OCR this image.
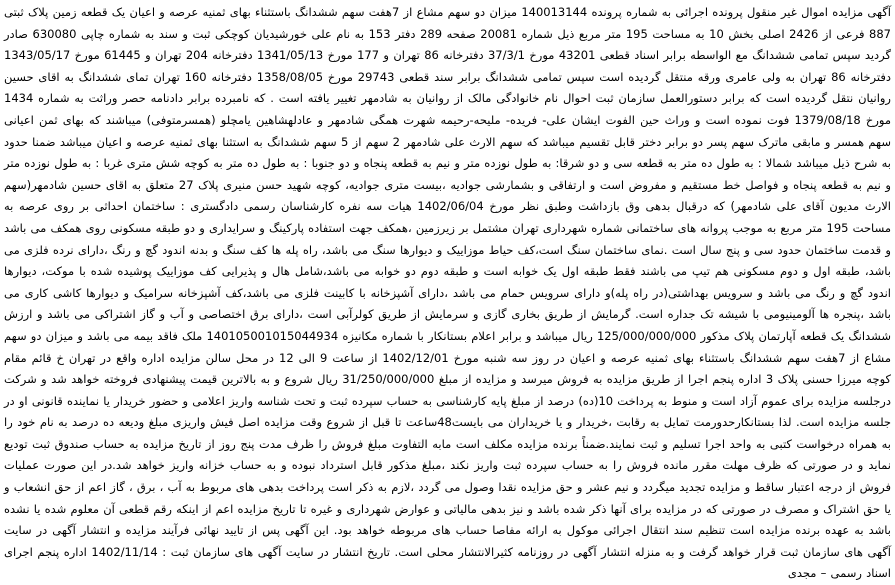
آگهی مزایده اموال غیر منقول پرونده اجرائی به شماره پرونده 140013144 میزان دو سهم مشاع از 7هفت سهم ششدانگ باستثناء بهای ثمنیه عرصه و اعیان یک قطعه زمین پلاک ثبتی 887 فرعی از 2426 اصلی بخش 10 به مساحت 195 متر مربع ذیل شماره 20081 صفحه 289 دفتر 153 به نام علی خورشیدیان کوچکی ثبت و سند به شماره چاپی 630080 صادر گردید سپس تمامی ششدانگ مع الواسطه برابر اسناد قطعی 43201 مورخ 37/3/1 دفترخانه 86 تهران و 177 مورخ 1341/05/13 دفترخانه 204 تهران و 61445 مورخ 1343/05/17 دفترخانه 86 تهران به ولی عامری ورقه منتقل گردیده است سپس تمامی ششدانگ برابر سند قطعی 29743 مورخ 1358/08/05 دفترخانه 160 تهران تمای ششدانگ به اقای حسین روانیان نتقل گردیده است که برابر دستورالعمل سازمان ثبت احوال نام خانوادگی مالک از روانیان به شادمهر تغییر یافته است . که نامبرده برابر دادنامه حصر وراثت به شماره 1434 مورخ 1379/08/18 فوت نموده است و وراث حین الفوت ایشان علی- فریده- ملیحه-رحیمه شهرت همگی شادمهر و عادلهشاهین یامچلو (همسرمتوفی) میباشند که بهای ثمن اعیانی سهم همسر و مابقی ماترک سهم پسر دو برابر دختر قابل تقسیم میباشد که سهم الارث علی شادمهر 2 سهم از 5 سهم ششدانگ به استثنا بهای ثمنیه عرصه و اعیان میباشد ضمنا حدود به شرح ذیل میباشد شمالا : به طول ده متر به قطعه سی و دو شرقا: به طول نوزده متر و نیم به قطعه پنجاه و دو جنوبا : به طول ده متر به کوچه شش متری غربا : به طول نوزده متر و نیم به قطعه پنجاه و فواصل خط مستقیم و مفروض است و ارتفاقی و بشمارشی جوادیه ،بیست متری جوادیه، کوچه شهید حسن منیری پلاک 27 متعلق به اقای حسین شادمهر(سهم الارث مدیون آقای علی شادمهر) که درقبال بدهی وق بازداشت وطبق نظر مورخ 1402/06/04 هیات سه نفره کارشناسان رسمی دادگستری : ساختمان احداثی بر روی عرصه به مساحت 195 متر مربع به موجب پروانه های ساختمانی شماره شهرداری تهران مشتمل بر زیرزمین ،همکف جهت استفاده پارکینگ و سرایداری و دو طبقه مسکونی روی همکف می باشد و قدمت ساختمان حدود سی و پنج سال است .نمای ساختمان سنگ است،کف حیاط موزاییک و دیوارها سنگ می باشد، راه پله ها کف سنگ و بدنه اندود گچ و رنگ ،دارای نرده فلزی می باشد، طبقه اول و دوم مسکونی هم تیپ می باشند فقط طبقه اول یک خوابه است و طبقه دوم دو خوابه می باشد،شامل هال و پذیرایی کف موزاییک پوشیده شده با موکت، دیوارها اندود گچ و رنگ می باشد و سرویس بهداشتی(در راه پله)و دارای سرویس حمام می باشد ،دارای آشپزخانه با کابینت فلزی می باشد،کف آشپزخانه سرامیک و دیوارها کاشی کاری می باشد ،پنجره ها آلومینیومی با شیشه تک جداره است. گرمایش از طریق بخاری گازی و سرمایش از طریق کولرآبی است ،دارای برق اختصاصی و آب و گاز اشتراکی می باشد و ارزش ششدانگ یک قطعه آپارتمان پلاک مذکور 125/000/000/000 ریال میباشد و برابر اعلام بستانکار با شماره مکانیزه 140105001015044934 ملک فاقد بیمه می باشد و میزان دو سهم مشاع از 7هفت سهم ششدانگ باستثناء بهای ثمنیه عرصه و اعیان در روز سه شنبه مورخ 1402/12/01 از ساعت 9 الی 12 در محل سالن مزایده اداره واقع در تهران خ قائم مقام کوچه میرزا حسنی پلاک 3 اداره پنجم اجرا از طریق مزایده به فروش میرسد و مزایده از مبلغ 31/250/000/000 ریال شروع و به بالاترین قیمت پیشنهادی فروخته خواهد شد و شرکت درجلسه مزایده برای عموم آزاد است و منوط به پرداخت 10(ده) درصد از مبلغ پایه کارشناسی به حساب سپرده ثبت و تحت شناسه واریز اعلامی و حضور خریدار یا نماینده قانونی او در جلسه مزایده است. لذا بستانکارحدورمت تمایل به رقابت ،خریدار و یا خریداران می بایست48ساعت تا قبل از شروع وقت مزایده اصل فیش واریزی مبلغ ودیعه ده درصد به نام خود را به همراه درخواست کتبی به واحد اجرا تسلیم و ثبت نمایند.ضمناً برنده مزایده مکلف است مابه التفاوت مبلغ فروش را ظرف مدت پنج روز از تاریخ مزایده به حساب صندوق ثبت تودیع نماید و در صورتی که ظرف مهلت مقرر مانده فروش را به حساب سپرده ثبت واریز نکند ،مبلغ مذکور قابل استرداد نبوده و به حساب خزانه واریز خواهد شد.در این صورت عملیات فروش از درجه اعتبار ساقط و مزایده تجدید میگردد و نیم عشر و حق مزایده نقدا وصول می گردد ،لازم به ذکر است پرداخت بدهی های مربوط به آب ، برق ، گاز اعم از حق انشعاب و یا حق اشتراک و مصرف در صورتی که در مزایده برای آنها ذکر شده باشد و نیز بدهی مالیاتی و عوارض شهرداری و غیره تا تاریخ مزایده اعم از اینکه رقم قطعی آن معلوم شده یا نشده باشد به عهده برنده مزایده است تنظیم سند انتقال اجرائی موکول به ارائه مفاصا حساب های مربوطه خواهد بود. این آگهی پس از تایید نهائی فرآیند مزایده و انتشار آگهی در سایت آگهی های سازمان ثبت قرار خواهد گرفت و به منزله انتشار آگهی در روزنامه کثیرالانتشار محلی است. تاریخ انتشار در سایت آگهی های سازمان ثبت : 1402/11/14 اداره پنجم اجرای اسناد رسمی – مجدی
